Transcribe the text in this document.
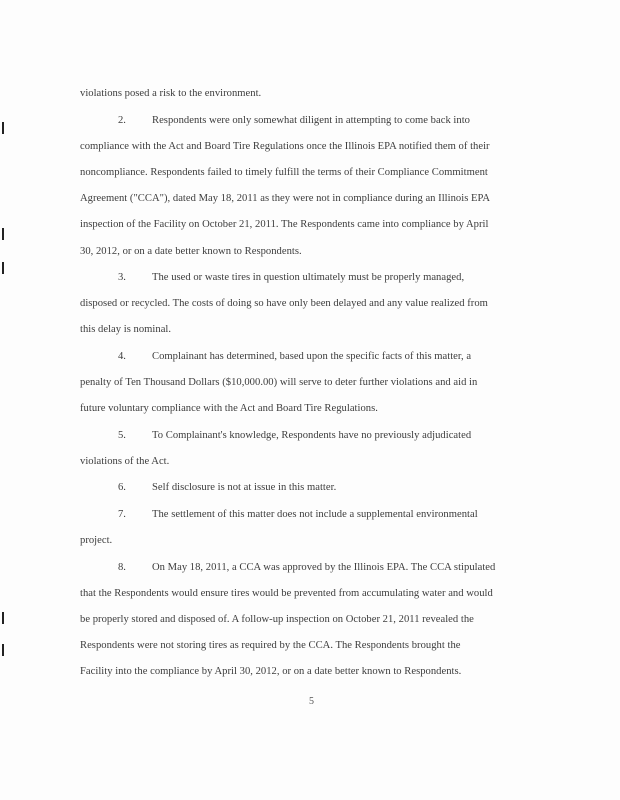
violations posed a risk to the environment.
2. Respondents were only somewhat diligent in attempting to come back into
compliance with the Act and Board Tire Regulations once the Illinois EPA notified them of their
noncompliance. Respondents failed to timely fulfill the terms of their Compliance Commitment
Agreement ("CCA"), dated May 18, 2011 as they were not in compliance during an Illinois EPA
inspection of the Facility on October 21, 2011. The Respondents came into compliance by April
30, 2012, or on a date better known to Respondents.
3. The used or waste tires in question ultimately must be properly managed,
disposed or recycled. The costs of doing so have only been delayed and any value realized from
this delay is nominal.
4. Complainant has determined, based upon the specific facts of this matter, a
penalty of Ten Thousand Dollars ($10,000.00) will serve to deter further violations and aid in
future voluntary compliance with the Act and Board Tire Regulations.
5. To Complainant's knowledge, Respondents have no previously adjudicated
violations of the Act.
6. Self disclosure is not at issue in this matter.
7. The settlement of this matter does not include a supplemental environmental
project.
8. On May 18, 2011, a CCA was approved by the Illinois EPA. The CCA stipulated
that the Respondents would ensure tires would be prevented from accumulating water and would
be properly stored and disposed of. A follow-up inspection on October 21, 2011 revealed the
Respondents were not storing tires as required by the CCA. The Respondents brought the
Facility into the compliance by April 30, 2012, or on a date better known to Respondents.
5
